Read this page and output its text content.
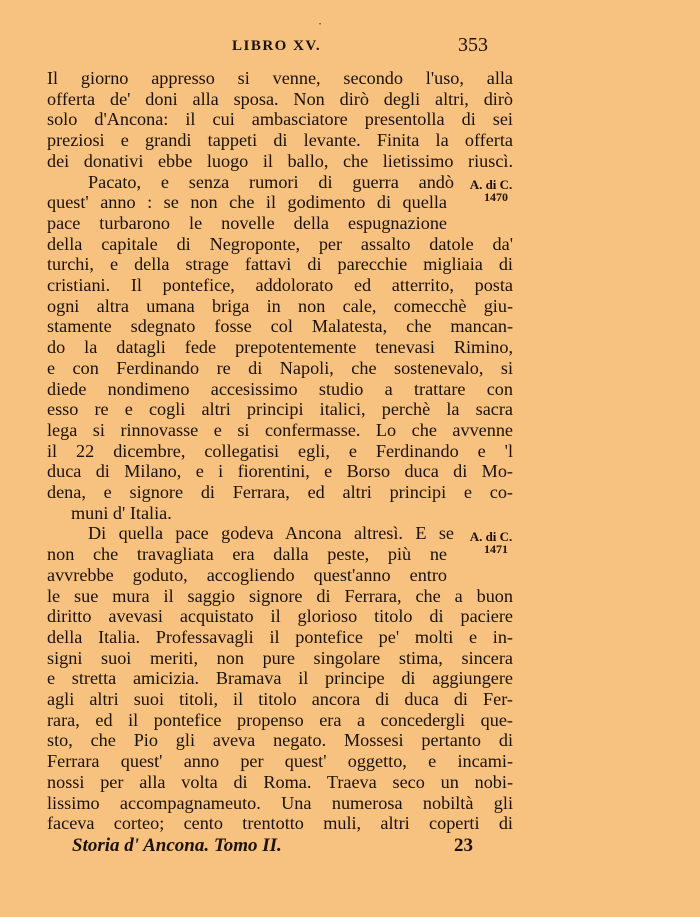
•
LIBRO XV.	353
Il giorno appresso si venne, secondo l'uso, alla
offerta de' doni alla sposa. Non dirò degli altri, dirò
solo d'Ancona: il cui ambasciatore presentolla di sei
preziosi e grandi tappeti di levante. Finita la offerta
dei donativi ebbe luogo il ballo, che lietissimo riuscì.
Pacato, e senza rumori di guerra andò
quest' anno : se non che il godimento di quella
pace turbarono le novelle della espugnazione
della capitale di Negroponte, per assalto datole da'
turchi, e della strage fattavi di parecchie migliaia di
cristiani. Il pontefice, addolorato ed atterrito, posta
ogni altra umana briga in non cale, comecchè giu-
stamente sdegnato fosse col Malatesta, che mancan-
do la datagli fede prepotentemente tenevasi Rimino,
e con Ferdinando re di Napoli, che sostenevalo, si
diede nondimeno accesissimo studio a trattare con
esso re e cogli altri principi italici, perchè la sacra
lega si rinnovasse e si confermasse. Lo che avvenne
il 22 dicembre, collegatisi egli, e Ferdinando e 'l
duca di Milano, e i fiorentini, e Borso duca di Mo-
dena, e signore di Ferrara, ed altri principi e co-
muni d' Italia.
Di quella pace godeva Ancona altresì. E se
non che travagliata era dalla peste, più ne
avvrebbe goduto, accogliendo quest'anno entro
le sue mura il saggio signore di Ferrara, che a buon
diritto avevasi acquistato il glorioso titolo di paciere
della Italia. Professavagli il pontefice pe' molti e in-
signi suoi meriti, non pure singolare stima, sincera
e stretta amicizia. Bramava il principe di aggiungere
agli altri suoi titoli, il titolo ancora di duca di Fer-
rara, ed il pontefice propenso era a concedergli que-
sto, che Pio gli aveva negato. Mossesi pertanto di
Ferrara quest' anno per quest' oggetto, e incami-
nossi per alla volta di Roma. Traeva seco un nobi-
lissimo accompagnameuto. Una numerosa nobiltà gli
faceva corteo; cento trentotto muli, altri coperti di
A. di C.
1470
A. di C.
1471
Storia d' Ancona. Tomo II.	23
